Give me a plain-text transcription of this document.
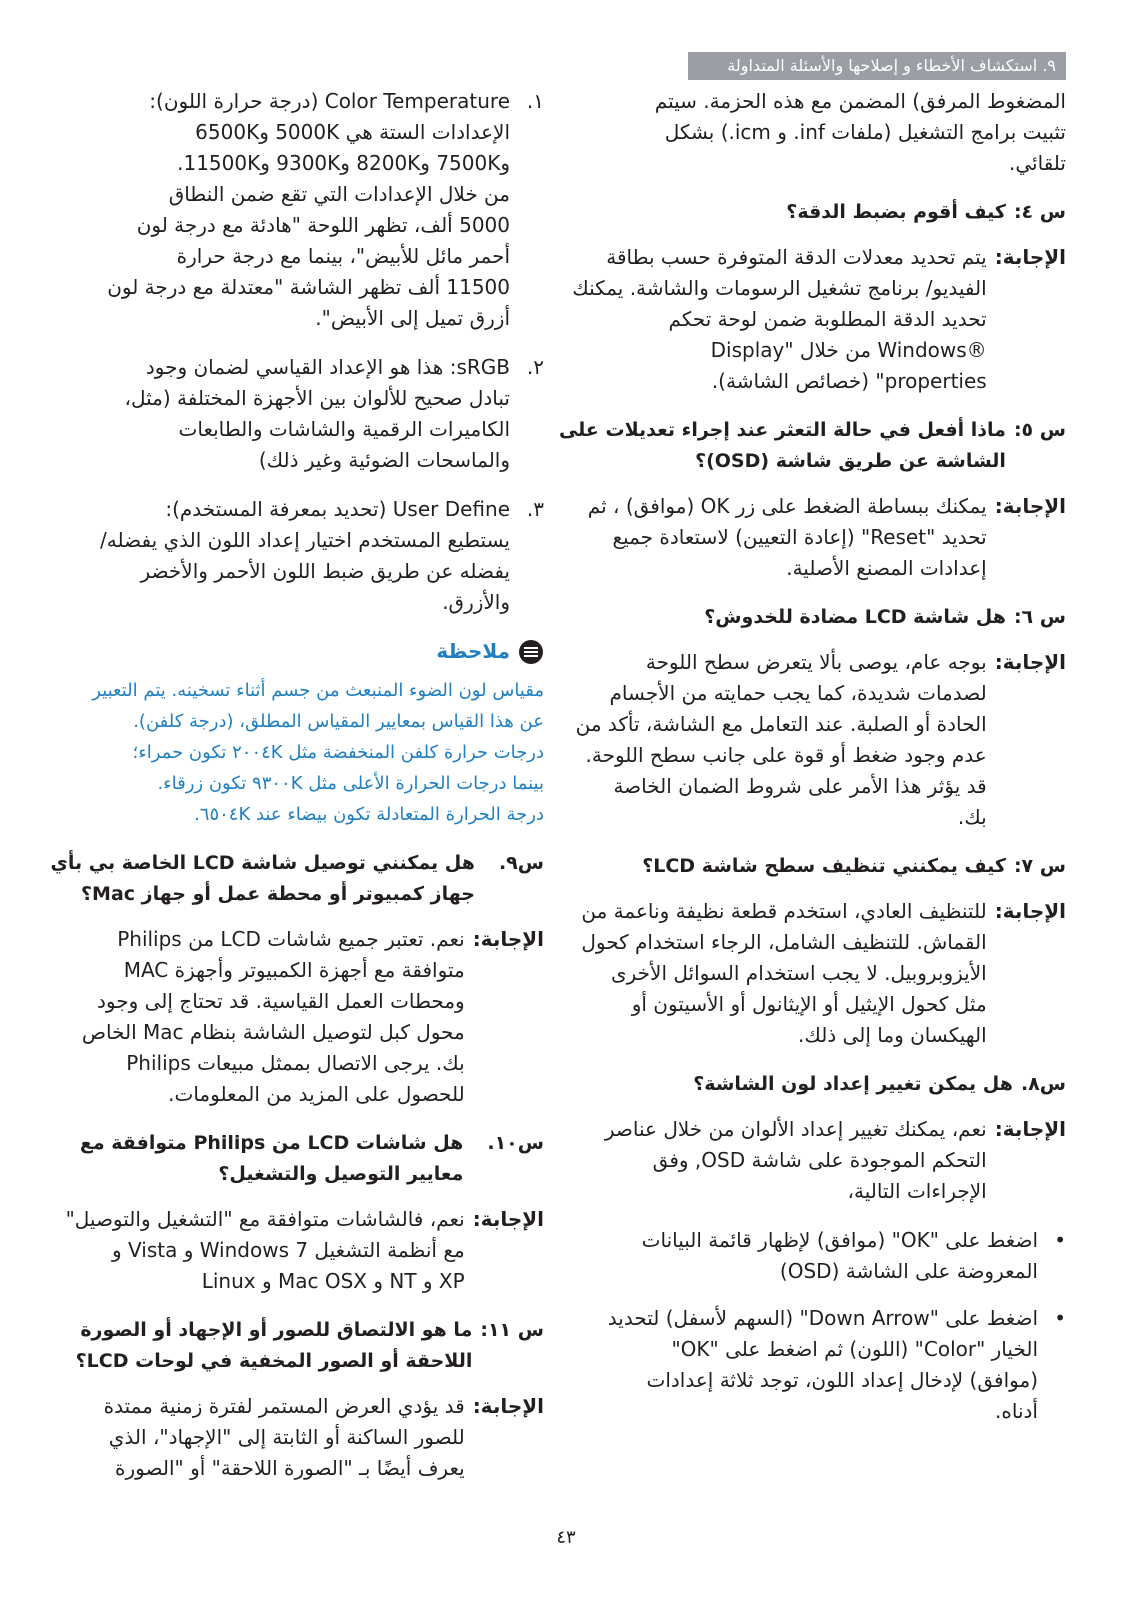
٩. استكشاف الأخطاء و إصلاحها والأسئلة المتداولة

المضغوط المرفق) المضمن مع هذه الحزمة. سيتم

تثبيت برامج التشغيل (ملفات ‎.inf‏ و ‎.icm‏) بشكل

تلقائي.

س ٤:

كيف أقوم بضبط الدقة؟

الإجابة:

يتم تحديد معدلات الدقة المتوفرة حسب بطاقة

الفيديو/ برنامج تشغيل الرسومات والشاشة. يمكنك

تحديد الدقة المطلوبة ضمن لوحة تحكم

‎Windows®‎ من خلال "Display

properties" (خصائص الشاشة).

س ٥:

ماذا أفعل في حالة التعثر عند إجراء تعديلات على

الشاشة عن طريق شاشة (OSD)؟

الإجابة:

يمكنك ببساطة الضغط على زر OK (موافق) ، ثم

تحديد "Reset" (إعادة التعيين) لاستعادة جميع

إعدادات المصنع الأصلية.

س ٦:

هل شاشة LCD مضادة للخدوش؟

الإجابة:

بوجه عام، يوصى بألا يتعرض سطح اللوحة

لصدمات شديدة، كما يجب حمايته من الأجسام

الحادة أو الصلبة. عند التعامل مع الشاشة، تأكد من

عدم وجود ضغط أو قوة على جانب سطح اللوحة.

قد يؤثر هذا الأمر على شروط الضمان الخاصة

بك.

س ٧:

كيف يمكنني تنظيف سطح شاشة LCD؟

الإجابة:

للتنظيف العادي، استخدم قطعة نظيفة وناعمة من

القماش. للتنظيف الشامل، الرجاء استخدام كحول

الأيزوبروبيل. لا يجب استخدام السوائل الأخرى

مثل كحول الإيثيل أو الإيثانول أو الأسيتون أو

الهيكسان وما إلى ذلك.

س٨.

هل يمكن تغيير إعداد لون الشاشة؟

الإجابة:

نعم، يمكنك تغيير إعداد الألوان من خلال عناصر

التحكم الموجودة على شاشة OSD, وفق

الإجراءات التالية،

•

اضغط على "OK" (موافق) لإظهار قائمة البيانات

المعروضة على الشاشة (OSD)

•

اضغط على "Down Arrow" (السهم لأسفل) لتحديد

الخيار "Color" (اللون) ثم اضغط على "OK"

(موافق) لإدخال إعداد اللون، توجد ثلاثة إعدادات

أدناه.

١.

Color Temperature (درجة حرارة اللون):

الإعدادات الستة هي 5000K و6500K

و7500K و8200K و9300K و11500K.

من خلال الإعدادات التي تقع ضمن النطاق

5000 ألف، تظهر اللوحة "هادئة مع درجة لون

أحمر مائل للأبيض"، بينما مع درجة حرارة

11500 ألف تظهر الشاشة "معتدلة مع درجة لون

أزرق تميل إلى الأبيض".

٢.

sRGB: هذا هو الإعداد القياسي لضمان وجود

تبادل صحيح للألوان بين الأجهزة المختلفة (مثل،

الكاميرات الرقمية والشاشات والطابعات

والماسحات الضوئية وغير ذلك)

٣.

User Define (تحديد بمعرفة المستخدم):

يستطيع المستخدم اختيار إعداد اللون الذي يفضله/

يفضله عن طريق ضبط اللون الأحمر والأخضر

والأزرق.

ملاحظة

مقياس لون الضوء المنبعث من جسم أثناء تسخينه. يتم التعبير

عن هذا القياس بمعايير المقياس المطلق، (درجة كلفن).

درجات حرارة كلفن المنخفضة مثل ‎٢٠٠٤K‏ تكون حمراء؛

بينما درجات الحرارة الأعلى مثل ‎٩٣٠٠K‏ تكون زرقاء.

درجة الحرارة المتعادلة تكون بيضاء عند ‎٦٥٠٤K‏.

س٩.

هل يمكنني توصيل شاشة LCD الخاصة بي بأي

جهاز كمبيوتر أو محطة عمل أو جهاز Mac؟

الإجابة:

نعم. تعتبر جميع شاشات LCD من Philips

متوافقة مع أجهزة الكمبيوتر وأجهزة MAC

ومحطات العمل القياسية. قد تحتاج إلى وجود

محول كبل لتوصيل الشاشة بنظام Mac الخاص

بك. يرجى الاتصال بممثل مبيعات Philips

للحصول على المزيد من المعلومات.

س١٠.

هل شاشات LCD من Philips متوافقة مع

معايير التوصيل والتشغيل؟

الإجابة:

نعم، فالشاشات متوافقة مع "التشغيل والتوصيل"

مع أنظمة التشغيل Windows 7 و Vista و

XP و NT و Mac OSX و Linux

س ١١:

ما هو الالتصاق للصور أو الإجهاد أو الصورة

اللاحقة أو الصور المخفية في لوحات LCD؟

الإجابة:

قد يؤدي العرض المستمر لفترة زمنية ممتدة

للصور الساكنة أو الثابتة إلى "الإجهاد"، الذي

يعرف أيضًا بـ "الصورة اللاحقة" أو "الصورة

٤٣
